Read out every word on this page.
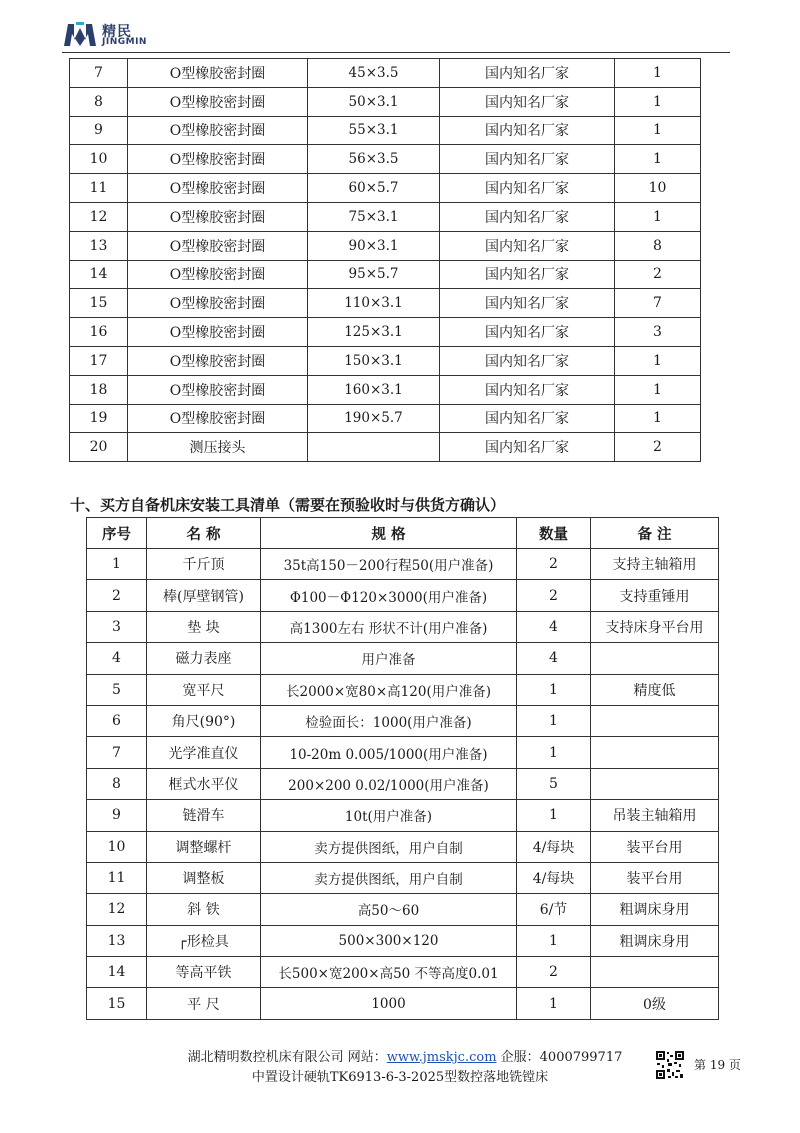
精民
JINGMIN
7	O型橡胶密封圈	45×3.5	国内知名厂家	1
8	O型橡胶密封圈	50×3.1	国内知名厂家	1
9	O型橡胶密封圈	55×3.1	国内知名厂家	1
10	O型橡胶密封圈	56×3.5	国内知名厂家	1
11	O型橡胶密封圈	60×5.7	国内知名厂家	10
12	O型橡胶密封圈	75×3.1	国内知名厂家	1
13	O型橡胶密封圈	90×3.1	国内知名厂家	8
14	O型橡胶密封圈	95×5.7	国内知名厂家	2
15	O型橡胶密封圈	110×3.1	国内知名厂家	7
16	O型橡胶密封圈	125×3.1	国内知名厂家	3
17	O型橡胶密封圈	150×3.1	国内知名厂家	1
18	O型橡胶密封圈	160×3.1	国内知名厂家	1
19	O型橡胶密封圈	190×5.7	国内知名厂家	1
20	测压接头		国内知名厂家	2
十、买方自备机床安装工具清单（需要在预验收时与供货方确认）
序号	名 称	规 格	数量	备 注
1	千斤顶	35t高150－200行程50(用户准备)	2	支持主轴箱用
2	棒(厚壁钢管)	Φ100－Φ120×3000(用户准备)	2	支持重锤用
3	垫 块	高1300左右 形状不计(用户准备)	4	支持床身平台用
4	磁力表座	用户准备	4	
5	宽平尺	长2000×宽80×高120(用户准备)	1	精度低
6	角尺(90°)	检验面长：1000(用户准备)	1	
7	光学准直仪	10-20m 0.005/1000(用户准备)	1	
8	框式水平仪	200×200 0.02/1000(用户准备)	5	
9	链滑车	10t(用户准备)	1	吊装主轴箱用
10	调整螺杆	卖方提供图纸，用户自制	4/每块	装平台用
11	调整板	卖方提供图纸，用户自制	4/每块	装平台用
12	斜 铁	高50～60	6/节	粗调床身用
13	┌形检具	500×300×120	1	粗调床身用
14	等高平铁	长500×宽200×高50 不等高度0.01	2	
15	平 尺	1000	1	0级
湖北精明数控机床有限公司 网站：www.jmskjc.com 企服：4000799717	第 19 页
中置设计硬轨TK6913-6-3-2025型数控落地铣镗床
